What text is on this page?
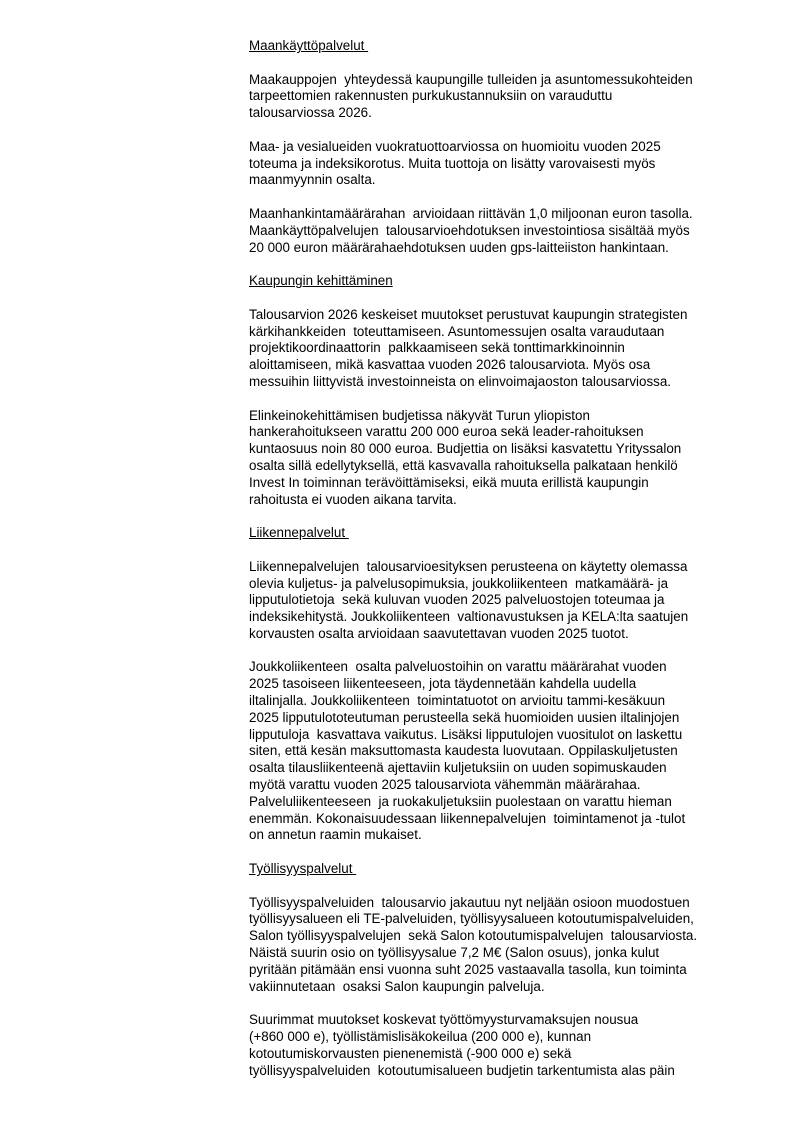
Maankäyttöpalvelut

Maakauppojen  yhteydessä kaupungille tulleiden ja asuntomessukohteiden
tarpeettomien rakennusten purkukustannuksiin on varauduttu
talousarviossa 2026.

Maa- ja vesialueiden vuokratuottoarviossa on huomioitu vuoden 2025
toteuma ja indeksikorotus. Muita tuottoja on lisätty varovaisesti myös
maanmyynnin osalta.

Maanhankintamäärärahan  arvioidaan riittävän 1,0 miljoonan euron tasolla.
Maankäyttöpalvelujen  talousarvioehdotuksen investointiosa sisältää myös
20 000 euron määrärahaehdotuksen uuden gps-laitteiiston hankintaan.

Kaupungin kehittäminen

Talousarvion 2026 keskeiset muutokset perustuvat kaupungin strategisten
kärkihankkeiden  toteuttamiseen. Asuntomessujen osalta varaudutaan
projektikoordinaattorin  palkkaamiseen sekä tonttimarkkinoinnin
aloittamiseen, mikä kasvattaa vuoden 2026 talousarviota. Myös osa
messuihin liittyvistä investoinneista on elinvoimajaoston talousarviossa.

Elinkeinokehittämisen budjetissa näkyvät Turun yliopiston
hankerahoitukseen varattu 200 000 euroa sekä leader-rahoituksen
kuntaosuus noin 80 000 euroa. Budjettia on lisäksi kasvatettu Yrityssalon
osalta sillä edellytyksellä, että kasvavalla rahoituksella palkataan henkilö
Invest In toiminnan terävöittämiseksi, eikä muuta erillistä kaupungin
rahoitusta ei vuoden aikana tarvita.

Liikennepalvelut

Liikennepalvelujen  talousarvioesityksen perusteena on käytetty olemassa
olevia kuljetus- ja palvelusopimuksia, joukkoliikenteen  matkamäärä- ja
lipputulotietoja  sekä kuluvan vuoden 2025 palveluostojen toteumaa ja
indeksikehitystä. Joukkoliikenteen  valtionavustuksen ja KELA:lta saatujen
korvausten osalta arvioidaan saavutettavan vuoden 2025 tuotot.

Joukkoliikenteen  osalta palveluostoihin on varattu määrärahat vuoden
2025 tasoiseen liikenteeseen, jota täydennetään kahdella uudella
iltalinjalla. Joukkoliikenteen  toimintatuotot on arvioitu tammi-kesäkuun
2025 lipputulototeutuman perusteella sekä huomioiden uusien iltalinjojen
lipputuloja  kasvattava vaikutus. Lisäksi lipputulojen vuositulot on laskettu
siten, että kesän maksuttomasta kaudesta luovutaan. Oppilaskuljetusten
osalta tilausliikenteenä ajettaviin kuljetuksiin on uuden sopimuskauden
myötä varattu vuoden 2025 talousarviota vähemmän määrärahaa.
Palveluliikenteeseen  ja ruokakuljetuksiin puolestaan on varattu hieman
enemmän. Kokonaisuudessaan liikennepalvelujen  toimintamenot ja -tulot
on annetun raamin mukaiset.

Työllisyyspalvelut

Työllisyyspalveluiden  talousarvio jakautuu nyt neljään osioon muodostuen
työllisyysalueen eli TE-palveluiden, työllisyysalueen kotoutumispalveluiden,
Salon työllisyyspalvelujen  sekä Salon kotoutumispalvelujen  talousarviosta.
Näistä suurin osio on työllisyysalue 7,2 M€ (Salon osuus), jonka kulut
pyritään pitämään ensi vuonna suht 2025 vastaavalla tasolla, kun toiminta
vakiinnutetaan  osaksi Salon kaupungin palveluja.

Suurimmat muutokset koskevat työttömyysturvamaksujen nousua
(+860 000 e), työllistämislisäkokeilua (200 000 e), kunnan
kotoutumiskorvausten pienenemistä (-900 000 e) sekä
työllisyyspalveluiden  kotoutumisalueen budjetin tarkentumista alas päin
